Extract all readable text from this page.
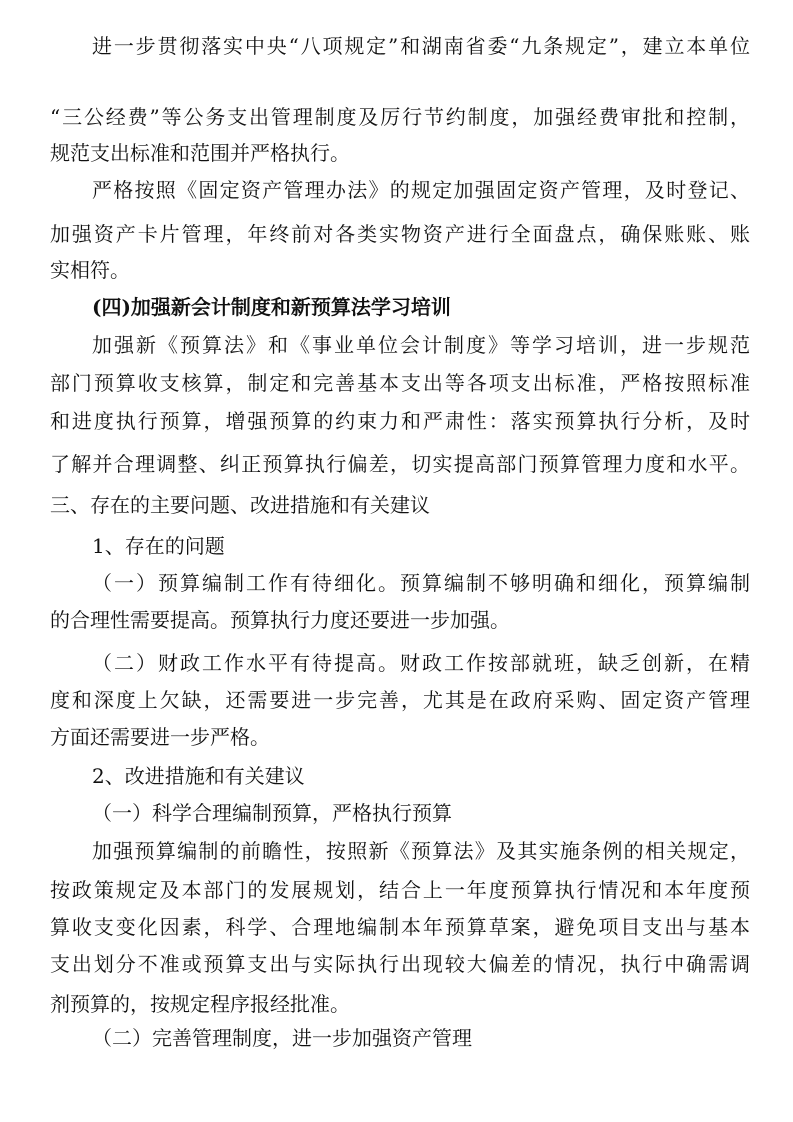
进一步贯彻落实中央“八项规定”和湖南省委“九条规定”，建立本单位
“三公经费”等公务支出管理制度及厉行节约制度，加强经费审批和控制，
规范支出标准和范围并严格执行。
严格按照《固定资产管理办法》的规定加强固定资产管理，及时登记、
加强资产卡片管理，年终前对各类实物资产进行全面盘点，确保账账、账
实相符。
(四)加强新会计制度和新预算法学习培训
加强新《预算法》和《事业单位会计制度》等学习培训，进一步规范
部门预算收支核算，制定和完善基本支出等各项支出标准，严格按照标准
和进度执行预算，增强预算的约束力和严肃性：落实预算执行分析，及时
了解并合理调整、纠正预算执行偏差，切实提高部门预算管理力度和水平。
三、存在的主要问题、改进措施和有关建议
1、存在的问题
（一）预算编制工作有待细化。预算编制不够明确和细化，预算编制
的合理性需要提高。预算执行力度还要进一步加强。
（二）财政工作水平有待提高。财政工作按部就班，缺乏创新，在精
度和深度上欠缺，还需要进一步完善，尤其是在政府采购、固定资产管理
方面还需要进一步严格。
2、改进措施和有关建议
（一）科学合理编制预算，严格执行预算
加强预算编制的前瞻性，按照新《预算法》及其实施条例的相关规定，
按政策规定及本部门的发展规划，结合上一年度预算执行情况和本年度预
算收支变化因素，科学、合理地编制本年预算草案，避免项目支出与基本
支出划分不准或预算支出与实际执行出现较大偏差的情况，执行中确需调
剂预算的，按规定程序报经批准。
（二）完善管理制度，进一步加强资产管理
